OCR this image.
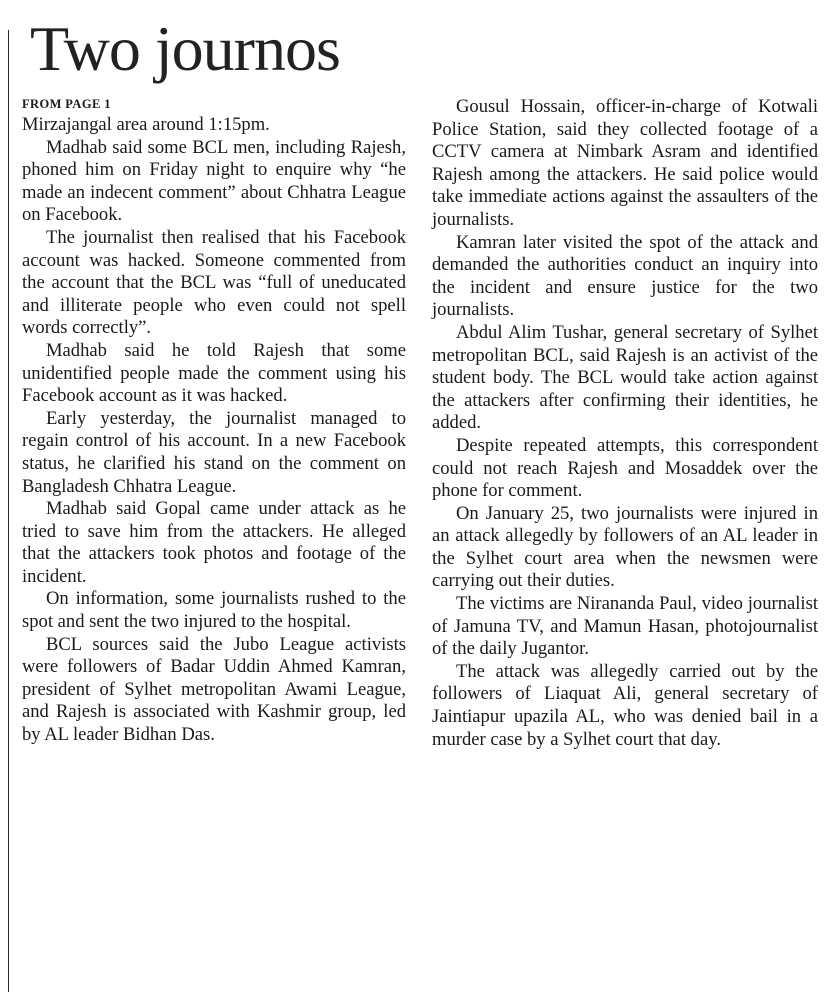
Two journos
FROM PAGE 1

Mirzajangal area around 1:15pm.

Madhab said some BCL men, including Rajesh, phoned him on Friday night to enquire why “he made an indecent comment” about Chhatra League on Facebook.

The journalist then realised that his Facebook account was hacked. Someone commented from the account that the BCL was “full of uneducated and illiterate people who even could not spell words correctly”.

Madhab said he told Rajesh that some unidentified people made the comment using his Facebook account as it was hacked.

Early yesterday, the journalist managed to regain control of his account. In a new Facebook status, he clarified his stand on the comment on Bangladesh Chhatra League.

Madhab said Gopal came under attack as he tried to save him from the attackers. He alleged that the attackers took photos and footage of the incident.

On information, some journalists rushed to the spot and sent the two injured to the hospital.

BCL sources said the Jubo League activists were followers of Badar Uddin Ahmed Kamran, president of Sylhet metropolitan Awami League, and Rajesh is associated with Kashmir group, led by AL leader Bidhan Das.

Gousul Hossain, officer-in-charge of Kotwali Police Station, said they collected footage of a CCTV camera at Nimbark Asram and identified Rajesh among the attackers. He said police would take immediate actions against the assaulters of the journalists.

Kamran later visited the spot of the attack and demanded the authorities conduct an inquiry into the incident and ensure justice for the two journalists.

Abdul Alim Tushar, general secretary of Sylhet metropolitan BCL, said Rajesh is an activist of the student body. The BCL would take action against the attackers after confirming their identities, he added.

Despite repeated attempts, this correspondent could not reach Rajesh and Mosaddek over the phone for comment.

On January 25, two journalists were injured in an attack allegedly by followers of an AL leader in the Sylhet court area when the newsmen were carrying out their duties.

The victims are Nirananda Paul, video journalist of Jamuna TV, and Mamun Hasan, photojournalist of the daily Jugantor.

The attack was allegedly carried out by the followers of Liaquat Ali, general secretary of Jaintiapur upazila AL, who was denied bail in a murder case by a Sylhet court that day.
